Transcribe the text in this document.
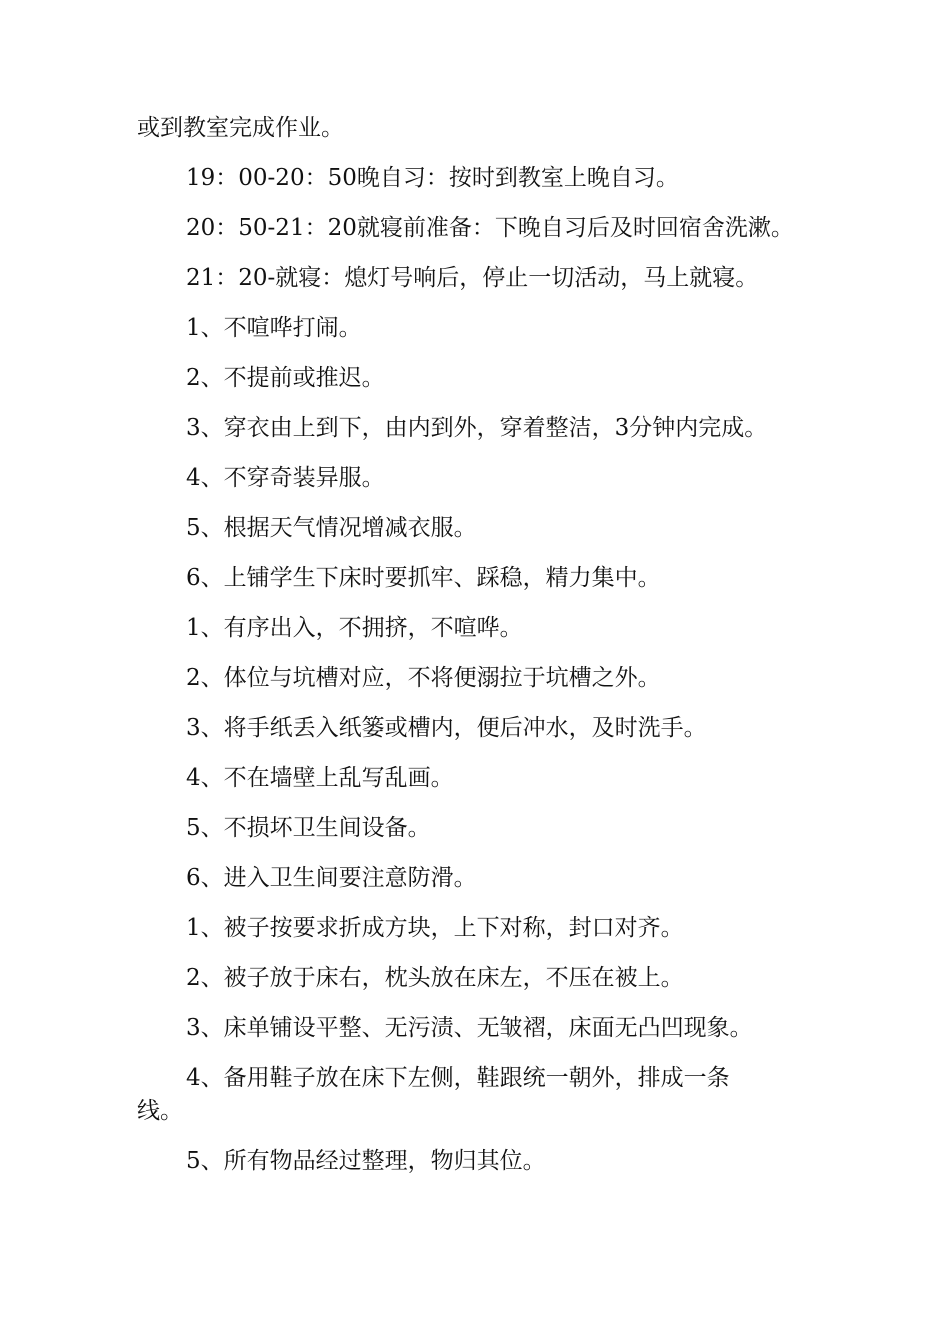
或到教室完成作业。
19：00-20：50晚自习：按时到教室上晚自习。
20：50-21：20就寝前准备：下晚自习后及时回宿舍洗漱。
21：20-就寝：熄灯号响后，停止一切活动，马上就寝。
1、不喧哗打闹。
2、不提前或推迟。
3、穿衣由上到下，由内到外，穿着整洁，3分钟内完成。
4、不穿奇装异服。
5、根据天气情况增减衣服。
6、上铺学生下床时要抓牢、踩稳，精力集中。
1、有序出入，不拥挤，不喧哗。
2、体位与坑槽对应，不将便溺拉于坑槽之外。
3、将手纸丢入纸篓或槽内，便后冲水，及时洗手。
4、不在墙壁上乱写乱画。
5、不损坏卫生间设备。
6、进入卫生间要注意防滑。
1、被子按要求折成方块，上下对称，封口对齐。
2、被子放于床右，枕头放在床左，不压在被上。
3、床单铺设平整、无污渍、无皱褶，床面无凸凹现象。
4、备用鞋子放在床下左侧，鞋跟统一朝外，排成一条
线。
5、所有物品经过整理，物归其位。
